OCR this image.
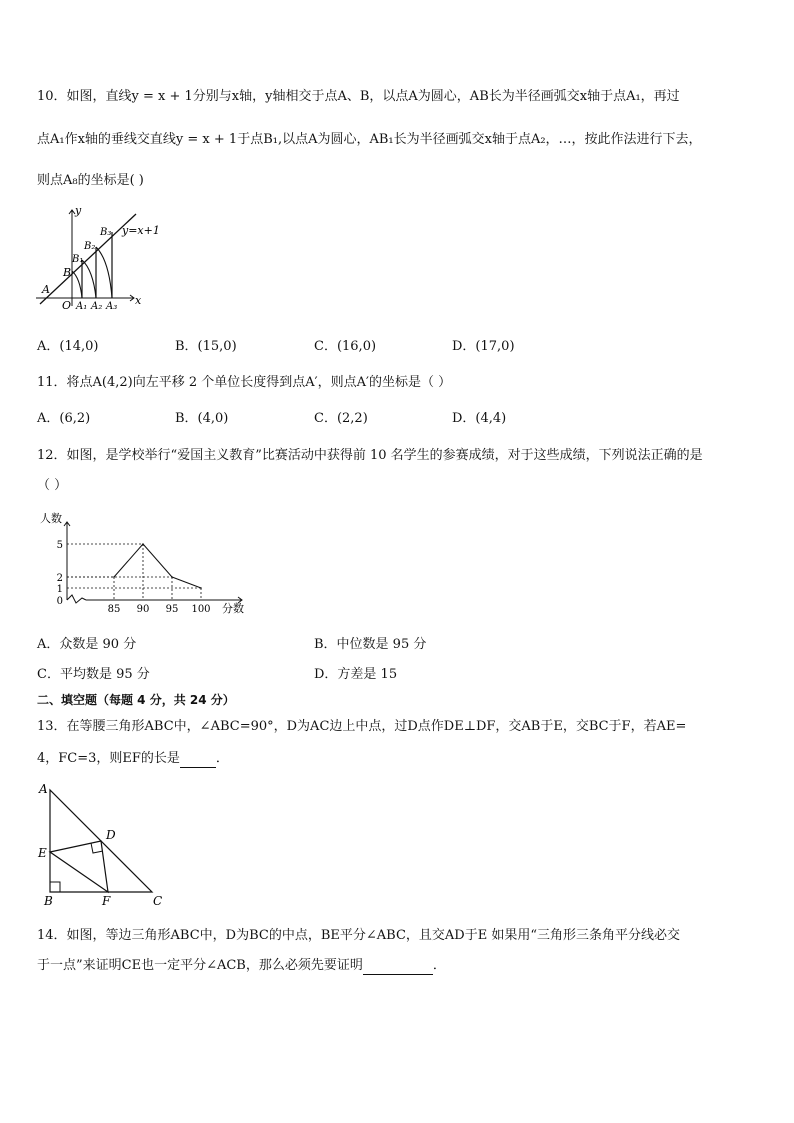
10．如图，直线y = x + 1分别与x轴，y轴相交于点A、B，以点A为圆心，AB长为半径画弧交x轴于点A₁，再过
点A₁作x轴的垂线交直线y = x + 1于点B₁,以点A为圆心，AB₁长为半径画弧交x轴于点A₂，…，按此作法进行下去，
则点A₈的坐标是( )
y
x
y=x+1
A
O A₁ A₂ A₃
B
B₁
B₂
B₃
A．(14,0)	B．(15,0)	C．(16,0)	D．(17,0)
11．将点A(4,2)向左平移 2 个单位长度得到点A′，则点A′的坐标是（ ）
A．(6,2)	B．(4,0)	C．(2,2)	D．(4,4)
12．如图，是学校举行“爱国主义教育”比赛活动中获得前 10 名学生的参赛成绩，对于这些成绩，下列说法正确的是
（ ）
人数
分数
85 90 95 100
0
1
2
5
A．众数是 90 分	B．中位数是 95 分
C．平均数是 95 分	D．方差是 15
二、填空题（每题 4 分，共 24 分）
13．在等腰三角形ABC中，∠ABC=90°，D为AC边上中点，过D点作DE⊥DF，交AB于E，交BC于F，若AE=
4，FC=3，则EF的长是	．
A
B	C
D
E
F
14．如图，等边三角形ABC中，D为BC的中点，BE平分∠ABC，且交AD于E 如果用“三角形三条角平分线必交
于一点”来证明CE也一定平分∠ACB，那么必须先要证明	．
